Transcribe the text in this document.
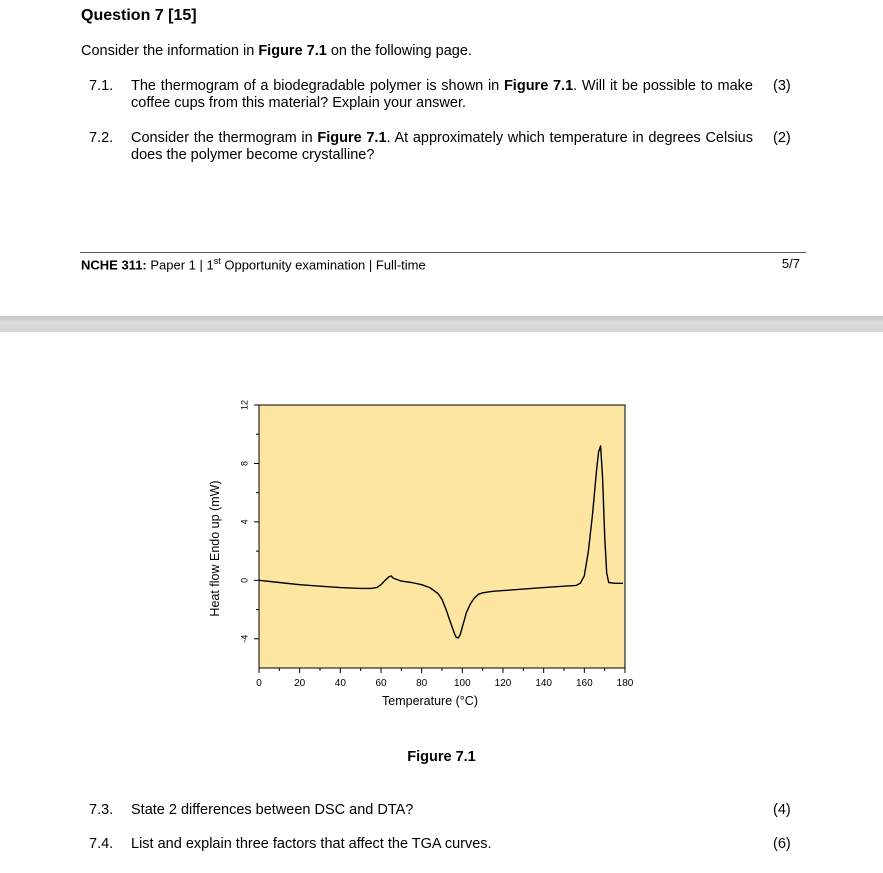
Question 7 [15]

Consider the information in Figure 7.1 on the following page.

7.1. The thermogram of a biodegradable polymer is shown in Figure 7.1. Will it be possible to make coffee cups from this material? Explain your answer.

(3)
7.2. Consider the thermogram in Figure 7.1. At approximately which temperature in degrees Celsius does the polymer become crystalline?

(2)

NCHE 311: Paper 1 | 1st Opportunity examination | Full-time	5/7

0	20	40	60	80	100 120 140 160 180
-4
0
4
8
12
Temperature (°C)
Heat flow Endo up (mW)

Figure 7.1

7.3. State 2 differences between DSC and DTA?	(4)
7.4. List and explain three factors that affect the TGA curves.	(6)
